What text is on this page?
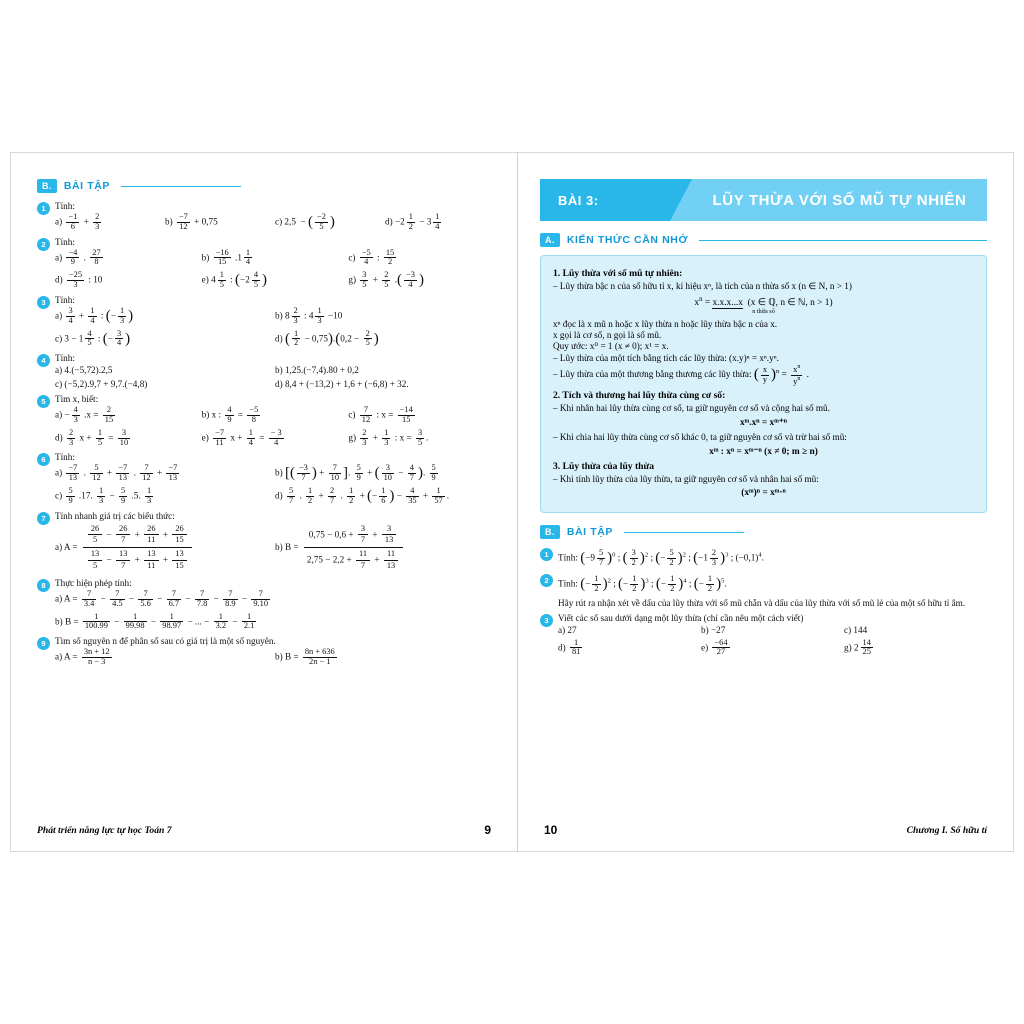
B.	BÀI TẬP
1	Tính:
$a) \frac{-1}{6} + \frac{2}{3}$	$b) \frac{-7}{12} + 0,75$	c) 2,5  − ( $\frac{-2}{5}$ )	$d) -2 \frac{1}{2} - 3 \frac{1}{4}$
2	Tính:
$a) \frac{-4}{9}$ . $\frac{27}{8}$	$b) \frac{-16}{15} .1 \frac{1}{4}$	$c) \frac{-5}{4}$ : $\frac{15}{2}$
$d) \frac{-25}{3}$ : 10	e) $4 \frac{1}{5}$ : ($-2 \frac{4}{5}$ )	$g) \frac{3}{5} + \frac{2}{5}$ .( $\frac{-3}{4}$ )
3	Tính:
$a) \frac{3}{4} + \frac{1}{4}$ : (− $\frac{1}{3}$ )	b) $8 \frac{2}{3}$ : $4 \frac{1}{3} -10$
c) $3 - 1 \frac{4}{5}$ : (− $\frac{3}{4}$ )	d) ( $\frac{1}{2} - 0,75).(0,2 - \frac{2}{5}$ )
4	Tính:
a) 4.(−5,72).2,5	b) 1,25.(−7,4).80 + 0,2
c) (−5,2).9,7 + 9,7.(−4,8)	d) 8,4 + (−13,2) + 1,6 + (−6,8) + 32.
5	Tìm x, biết:
$a) - \frac{4}{3} .x = \frac{2}{15}$	b) x : $\frac{4}{9} = \frac{-5}{8}$	$c) \frac{7}{12}$ : $x = \frac{-14}{15}$
$d) \frac{2}{3}$ $x + \frac{1}{5} = \frac{3}{10}$	$e) \frac{-7}{11}$ $x + \frac{1}{4} = \frac{- 3}{4}$	$g) \frac{2}{3} + \frac{1}{3}$ : $x = \frac{3}{5}$ .
6	Tính:
$a) \frac{-7}{13}$ . $\frac{5}{12} + \frac{-7}{13}$ . $\frac{7}{12} + \frac{-7}{13}$	b) [( $\frac{-3}{7}$ ) + $\frac{7}{10}$ ]. $\frac{5}{9}$ + ( $\frac{3}{10} - \frac{4}{7}$ ). $\frac{5}{9}$
$c) \frac{5}{9} .17$. $\frac{1}{3} - \frac{5}{9} .5$. $\frac{1}{3}$	$d) \frac{5}{7}$ . $\frac{1}{2} + \frac{2}{7}$ . $\frac{1}{2}$ + (− $\frac{1}{6}$ ) − $\frac{4}{35} + \frac{1}{57}$ .
7	Tính nhanh giá trị các biểu thức:
a) $A = \frac{\frac{26}{5} - \frac{26}{7} + \frac{26}{11} + \frac{26}{15}}{\frac{13}{5} - \frac{13}{7} + \frac{13}{11} + \frac{13}{15}}$	b) $B = \frac{0,75 - 0,6 + \frac{3}{7} + \frac{3}{13}}{2,75 - 2,2 + \frac{11}{7} + \frac{11}{13}}$
8	Thực hiện phép tính:
a) $A = \frac{7}{3.4} - \frac{7}{4.5} - \frac{7}{5.6} - \frac{7}{6.7} - \frac{7}{7.8} - \frac{7}{8.9} - \frac{7}{9.10}$
b) $B = \frac{1}{100.99} - \frac{1}{99.98} - \frac{1}{98.97}$ − ... − $\frac{1}{3.2} - \frac{1}{2.1}$
9	Tìm số nguyên n để phân số sau có giá trị là một số nguyên.
a) $A = \frac{3n + 12}{n - 3}$	b) $B = \frac{8n + 636}{2n - 1}$
Phát triển năng lực tự học Toán 7	9
BÀI 3:	LŨY THỪA VỚI SỐ MŨ TỰ NHIÊN
A.	KIẾN THỨC CẦN NHỚ
1. Lũy thừa với số mũ tự nhiên:
– Lũy thừa bậc n của số hữu tỉ x, kí hiệu xⁿ, là tích của n thừa số x (n ∈ N, n > 1)
$x^n = x.x.x...x$  (x ∈ ℚ, n ∈ ℕ, n > 1)
n thừa số
xⁿ đọc là x mũ n hoặc x lũy thừa n hoặc lũy thừa bậc n của x.
x gọi là cơ số, n gọi là số mũ.
Quy ước: x⁰ = 1 (x ≠ 0); x¹ = x.
– Lũy thừa của một tích bằng tích các lũy thừa: (x.y)ⁿ = xⁿ.yⁿ.
– Lũy thừa của một thương bằng thương các lũy thừa: ( $\frac{x}{y} )^n = \frac{x^n}{y^n}$ .
2. Tích và thương hai lũy thừa cùng cơ số:
– Khi nhân hai lũy thừa cùng cơ số, ta giữ nguyên cơ số và cộng hai số mũ.
xᵐ.xⁿ = xᵐ⁺ⁿ
– Khi chia hai lũy thừa cùng cơ số khác 0, ta giữ nguyên cơ số và trừ hai số mũ:
xᵐ : xⁿ = xᵐ⁻ⁿ (x ≠ 0; m ≥ n)
3. Lũy thừa của lũy thừa
– Khi tính lũy thừa của lũy thừa, ta giữ nguyên cơ số và nhân hai số mũ:
(xᵐ)ⁿ = xᵐ·ⁿ
B.	BÀI TẬP
1	Tính: $(-9 \frac{5}{7} )^0$ ; ( $\frac{3}{2} )^2$ ; (− $\frac{5}{2} )^2$ ; $(-1 \frac{2}{3} )^3$ ; $(-0,1)^4$.
2	Tính: (− $\frac{1}{2} )^2$ ; (− $\frac{1}{2} )^3$ ; (− $\frac{1}{2} )^4$ ; (− $\frac{1}{2} )^5$.
Hãy rút ra nhận xét về dấu của lũy thừa với số mũ chẵn và dấu của lũy thừa với số mũ lẻ của một số hữu tỉ âm.
3	Viết các số sau dưới dạng một lũy thừa (chỉ cần nêu một cách viết)
a) 27	b) −27	c) 144
$d) \frac{1}{81}$	$e) \frac{-64}{27}$	g) $2 \frac{14}{25}$
10	Chương I. Số hữu tỉ
